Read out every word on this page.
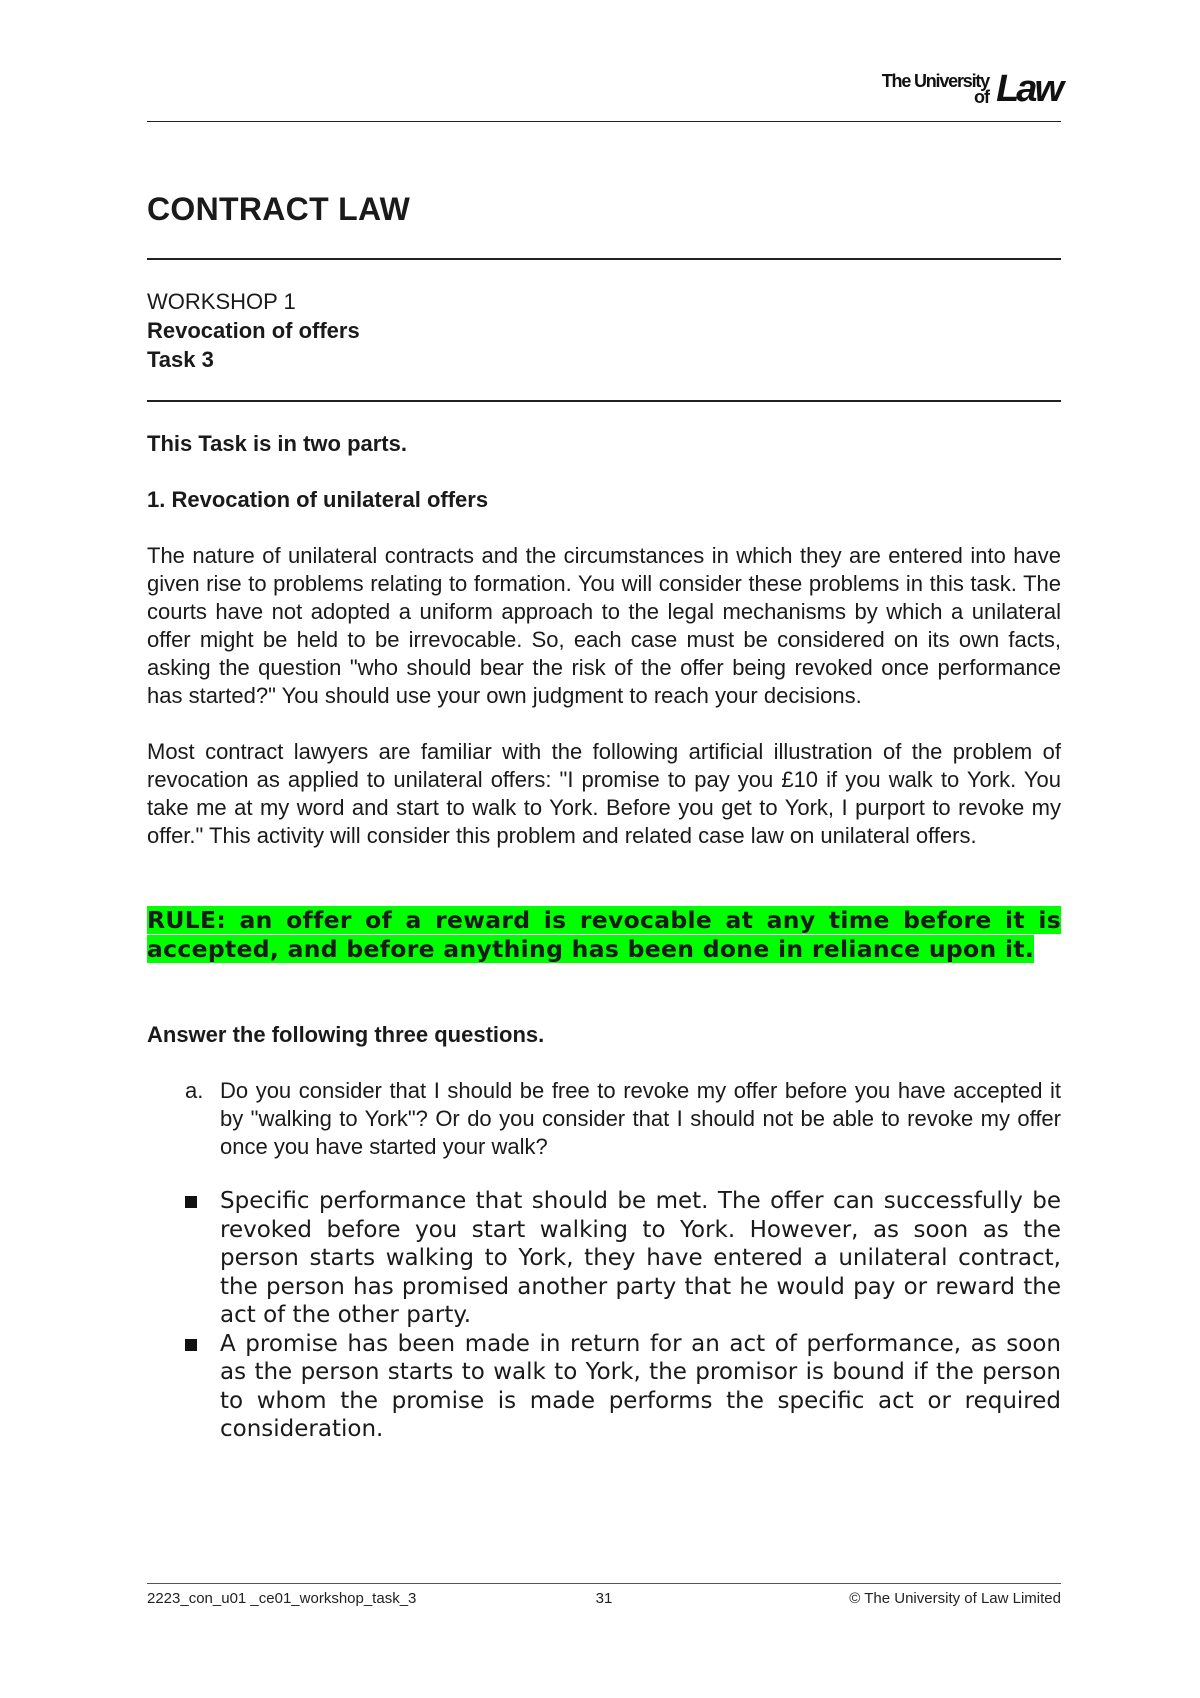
The University
of Law
CONTRACT LAW
WORKSHOP 1
Revocation of offers
Task 3

This Task is in two parts.

1. Revocation of unilateral offers

The nature of unilateral contracts and the circumstances in which they are entered into have given rise to problems relating to formation. You will consider these problems in this task. The courts have not adopted a uniform approach to the legal mechanisms by which a unilateral offer might be held to be irrevocable. So, each case must be considered on its own facts, asking the question "who should bear the risk of the offer being revoked once performance has started?" You should use your own judgment to reach your decisions.

Most contract lawyers are familiar with the following artificial illustration of the problem of revocation as applied to unilateral offers: "I promise to pay you £10 if you walk to York. You take me at my word and start to walk to York. Before you get to York, I purport to revoke my offer." This activity will consider this problem and related case law on unilateral offers.

RULE: an offer of a reward is revocable at any time before it is accepted, and before anything has been done in reliance upon it.

Answer the following three questions.

a. Do you consider that I should be free to revoke my offer before you have accepted it by "walking to York"? Or do you consider that I should not be able to revoke my offer once you have started your walk?
Specific performance that should be met. The offer can successfully be revoked before you start walking to York. However, as soon as the person starts walking to York, they have entered a unilateral contract, the person has promised another party that he would pay or reward the act of the other party.
A promise has been made in return for an act of performance, as soon as the person starts to walk to York, the promisor is bound if the person to whom the promise is made performs the specific act or required consideration.
2223_con_u01 _ce01_workshop_task_3	31	© The University of Law Limited
